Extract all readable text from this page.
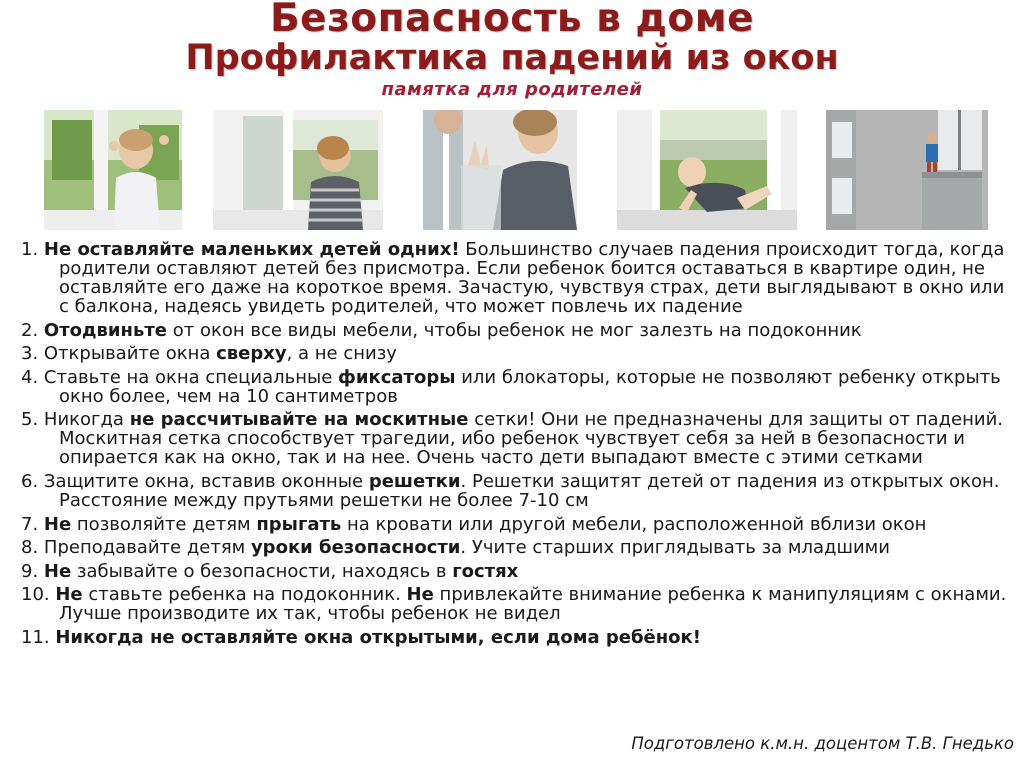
Безопасность в доме
Профилактика падений из окон
памятка для родителей
1. Не оставляйте маленьких детей одних! Большинство случаев падения происходит тогда, когда родители оставляют детей без присмотра. Если ребенок боится оставаться в квартире один, не оставляйте его даже на короткое время. Зачастую, чувствуя страх, дети выглядывают в окно или с балкона, надеясь увидеть родителей, что может повлечь их падение
2. Отодвиньте от окон все виды мебели, чтобы ребенок не мог залезть на подоконник
3. Открывайте окна сверху, а не снизу
4. Ставьте на окна специальные фиксаторы или блокаторы, которые не позволяют ребенку открыть окно более, чем на 10 сантиметров
5. Никогда не рассчитывайте на москитные сетки! Они не предназначены для защиты от падений. Москитная сетка способствует трагедии, ибо ребенок чувствует себя за ней в безопасности и опирается как на окно, так и на нее. Очень часто дети выпадают вместе с этими сетками
6. Защитите окна, вставив оконные решетки. Решетки защитят детей от падения из открытых окон. Расстояние между прутьями решетки не более 7-10 см
7. Не позволяйте детям прыгать на кровати или другой мебели, расположенной вблизи окон
8. Преподавайте детям уроки безопасности. Учите старших приглядывать за младшими
9. Не забывайте о безопасности, находясь в гостях
10. Не ставьте ребенка на подоконник. Не привлекайте внимание ребенка к манипуляциям с окнами. Лучше производите их так, чтобы ребенок не видел
11. Никогда не оставляйте окна открытыми, если дома ребёнок!
Подготовлено к.м.н. доцентом Т.В. Гнедько
